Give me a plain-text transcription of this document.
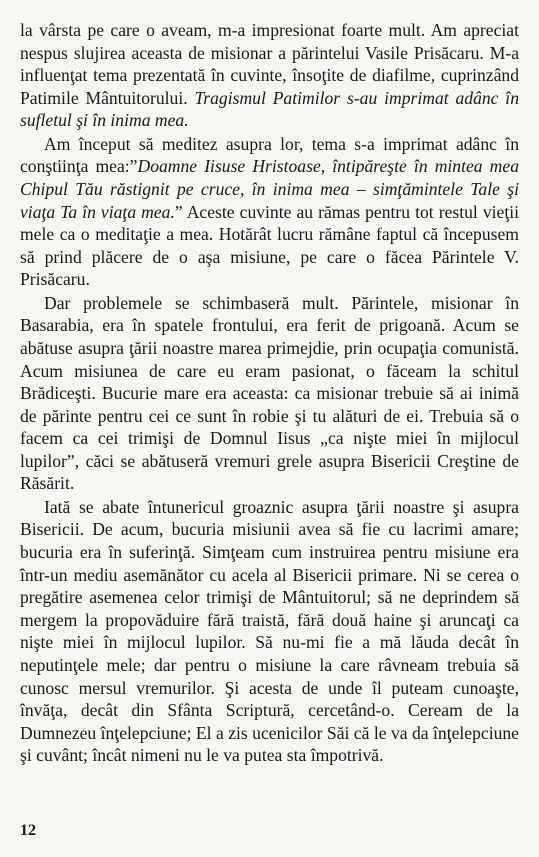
la vârsta pe care o aveam, m-a impresionat foarte mult. Am apreciat nespus slujirea aceasta de misionar a părintelui Vasile Prisăcaru. M-a influenţat tema prezentată în cuvinte, însoţite de diafilme, cuprinzând Patimile Mântuitorului. Tragismul Patimilor s-au imprimat adânc în sufletul şi în inima mea.

Am început să meditez asupra lor, tema s-a imprimat adânc în conştiinţa mea:”Doamne Iisuse Hristoase, întipăreşte în mintea mea Chipul Tău răstignit pe cruce, în inima mea – simţămintele Tale şi viaţa Ta în viaţa mea.” Aceste cuvinte au rămas pentru tot restul vieţii mele ca o meditaţie a mea. Hotărât lucru rămâne faptul că începusem să prind plăcere de o aşa misiune, pe care o făcea Părintele V. Prisăcaru.

Dar problemele se schimbaseră mult. Părintele, misionar în Basarabia, era în spatele frontului, era ferit de prigoană. Acum se abătuse asupra ţării noastre marea primejdie, prin ocupaţia comunistă. Acum misiunea de care eu eram pasionat, o făceam la schitul Brădiceşti. Bucurie mare era aceasta: ca misionar trebuie să ai inimă de părinte pentru cei ce sunt în robie şi tu alături de ei. Trebuia să o facem ca cei trimişi de Domnul Iisus „ca nişte miei în mijlocul lupilor”, căci se abătuseră vremuri grele asupra Bisericii Creştine de Răsărit.

Iată se abate întunericul groaznic asupra ţării noastre şi asupra Bisericii. De acum, bucuria misiunii avea să fie cu lacrimi amare; bucuria era în suferinţă. Simţeam cum instruirea pentru misiune era într-un mediu asemănător cu acela al Bisericii primare. Ni se cerea o pregătire asemenea celor trimişi de Mântuitorul; să ne deprindem să mergem la propovăduire fără traistă, fără două haine şi aruncaţi ca nişte miei în mijlocul lupilor. Să nu-mi fie a mă lăuda decât în neputinţele mele; dar pentru o misiune la care râvneam trebuia să cunosc mersul vremurilor. Şi acesta de unde îl puteam cunoaşte, învăţa, decât din Sfânta Scriptură, cercetând-o. Ceream de la Dumnezeu înţelepciune; El a zis ucenicilor Săi că le va da înţelepciune şi cuvânt; încât nimeni nu le va putea sta împotrivă.

12
